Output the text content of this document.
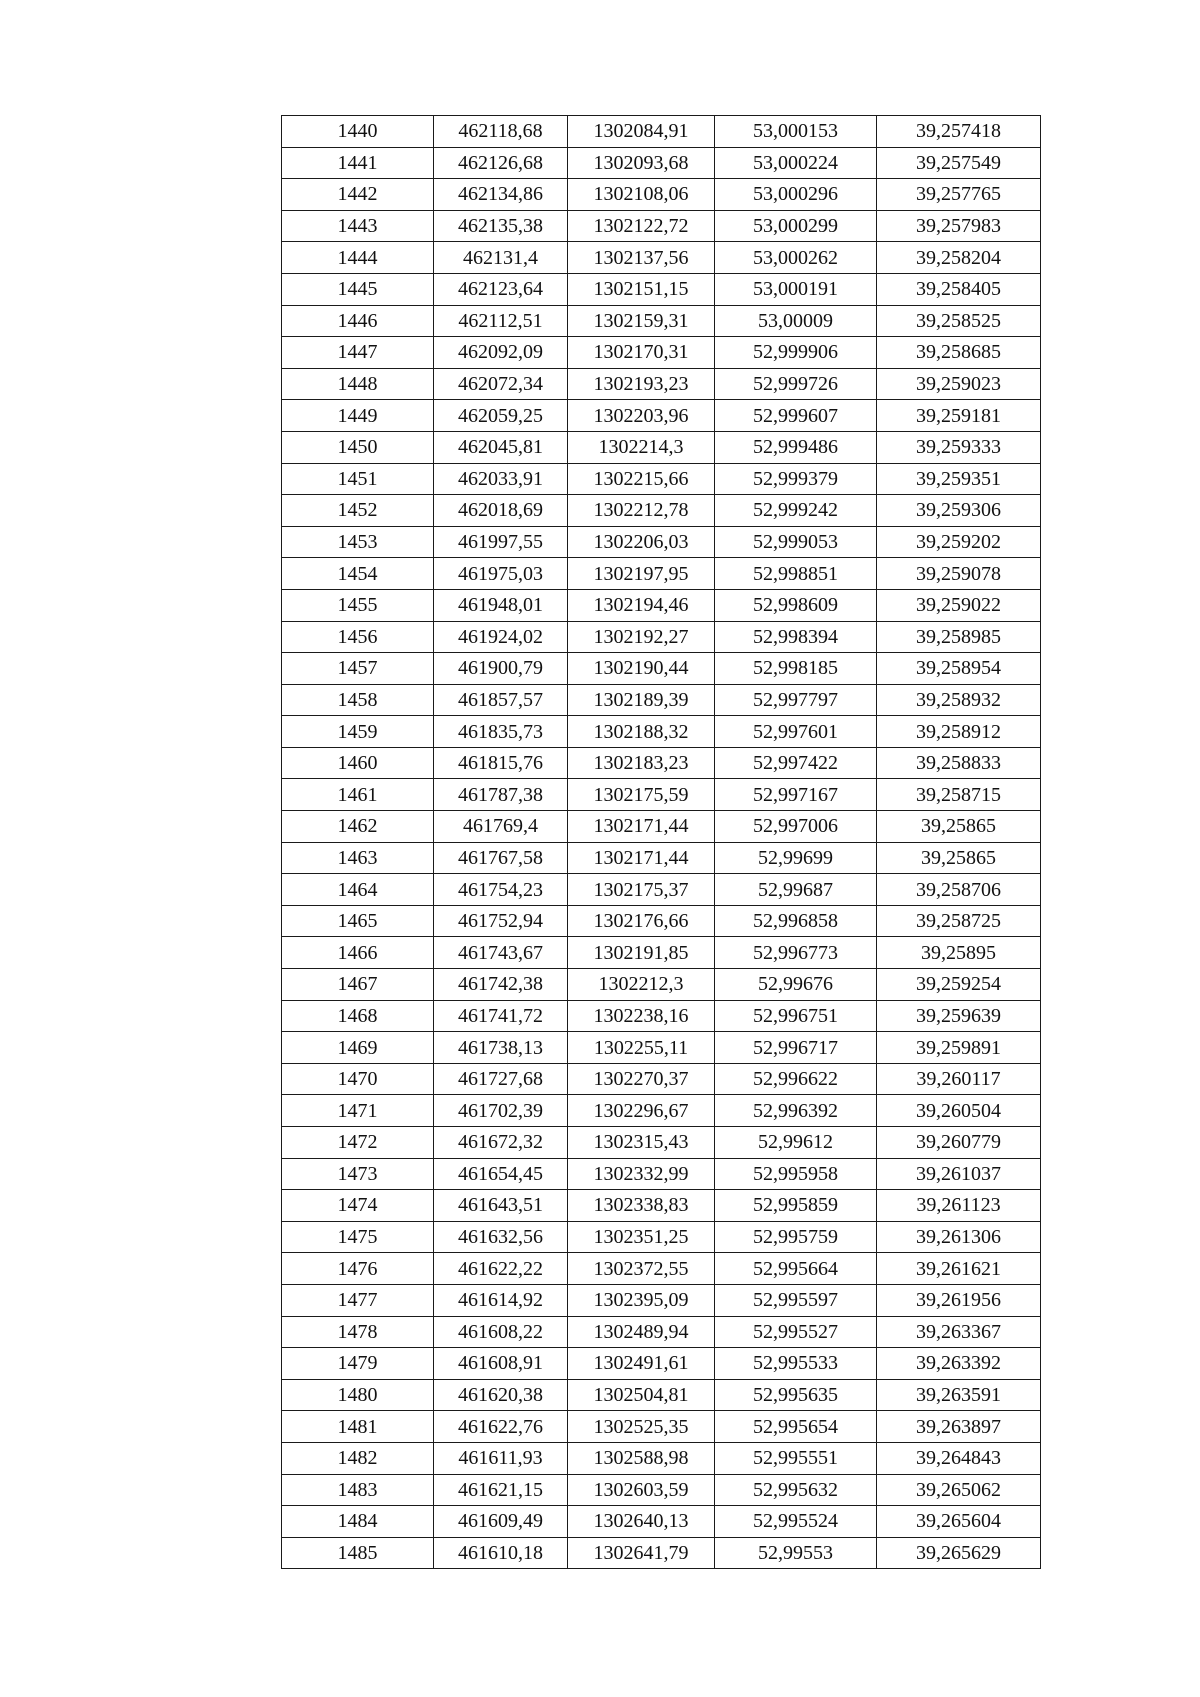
1440	462118,68	1302084,91	53,000153	39,257418
1441	462126,68	1302093,68	53,000224	39,257549
1442	462134,86	1302108,06	53,000296	39,257765
1443	462135,38	1302122,72	53,000299	39,257983
1444	462131,4	1302137,56	53,000262	39,258204
1445	462123,64	1302151,15	53,000191	39,258405
1446	462112,51	1302159,31	53,00009	39,258525
1447	462092,09	1302170,31	52,999906	39,258685
1448	462072,34	1302193,23	52,999726	39,259023
1449	462059,25	1302203,96	52,999607	39,259181
1450	462045,81	1302214,3	52,999486	39,259333
1451	462033,91	1302215,66	52,999379	39,259351
1452	462018,69	1302212,78	52,999242	39,259306
1453	461997,55	1302206,03	52,999053	39,259202
1454	461975,03	1302197,95	52,998851	39,259078
1455	461948,01	1302194,46	52,998609	39,259022
1456	461924,02	1302192,27	52,998394	39,258985
1457	461900,79	1302190,44	52,998185	39,258954
1458	461857,57	1302189,39	52,997797	39,258932
1459	461835,73	1302188,32	52,997601	39,258912
1460	461815,76	1302183,23	52,997422	39,258833
1461	461787,38	1302175,59	52,997167	39,258715
1462	461769,4	1302171,44	52,997006	39,25865
1463	461767,58	1302171,44	52,99699	39,25865
1464	461754,23	1302175,37	52,99687	39,258706
1465	461752,94	1302176,66	52,996858	39,258725
1466	461743,67	1302191,85	52,996773	39,25895
1467	461742,38	1302212,3	52,99676	39,259254
1468	461741,72	1302238,16	52,996751	39,259639
1469	461738,13	1302255,11	52,996717	39,259891
1470	461727,68	1302270,37	52,996622	39,260117
1471	461702,39	1302296,67	52,996392	39,260504
1472	461672,32	1302315,43	52,99612	39,260779
1473	461654,45	1302332,99	52,995958	39,261037
1474	461643,51	1302338,83	52,995859	39,261123
1475	461632,56	1302351,25	52,995759	39,261306
1476	461622,22	1302372,55	52,995664	39,261621
1477	461614,92	1302395,09	52,995597	39,261956
1478	461608,22	1302489,94	52,995527	39,263367
1479	461608,91	1302491,61	52,995533	39,263392
1480	461620,38	1302504,81	52,995635	39,263591
1481	461622,76	1302525,35	52,995654	39,263897
1482	461611,93	1302588,98	52,995551	39,264843
1483	461621,15	1302603,59	52,995632	39,265062
1484	461609,49	1302640,13	52,995524	39,265604
1485	461610,18	1302641,79	52,99553	39,265629
